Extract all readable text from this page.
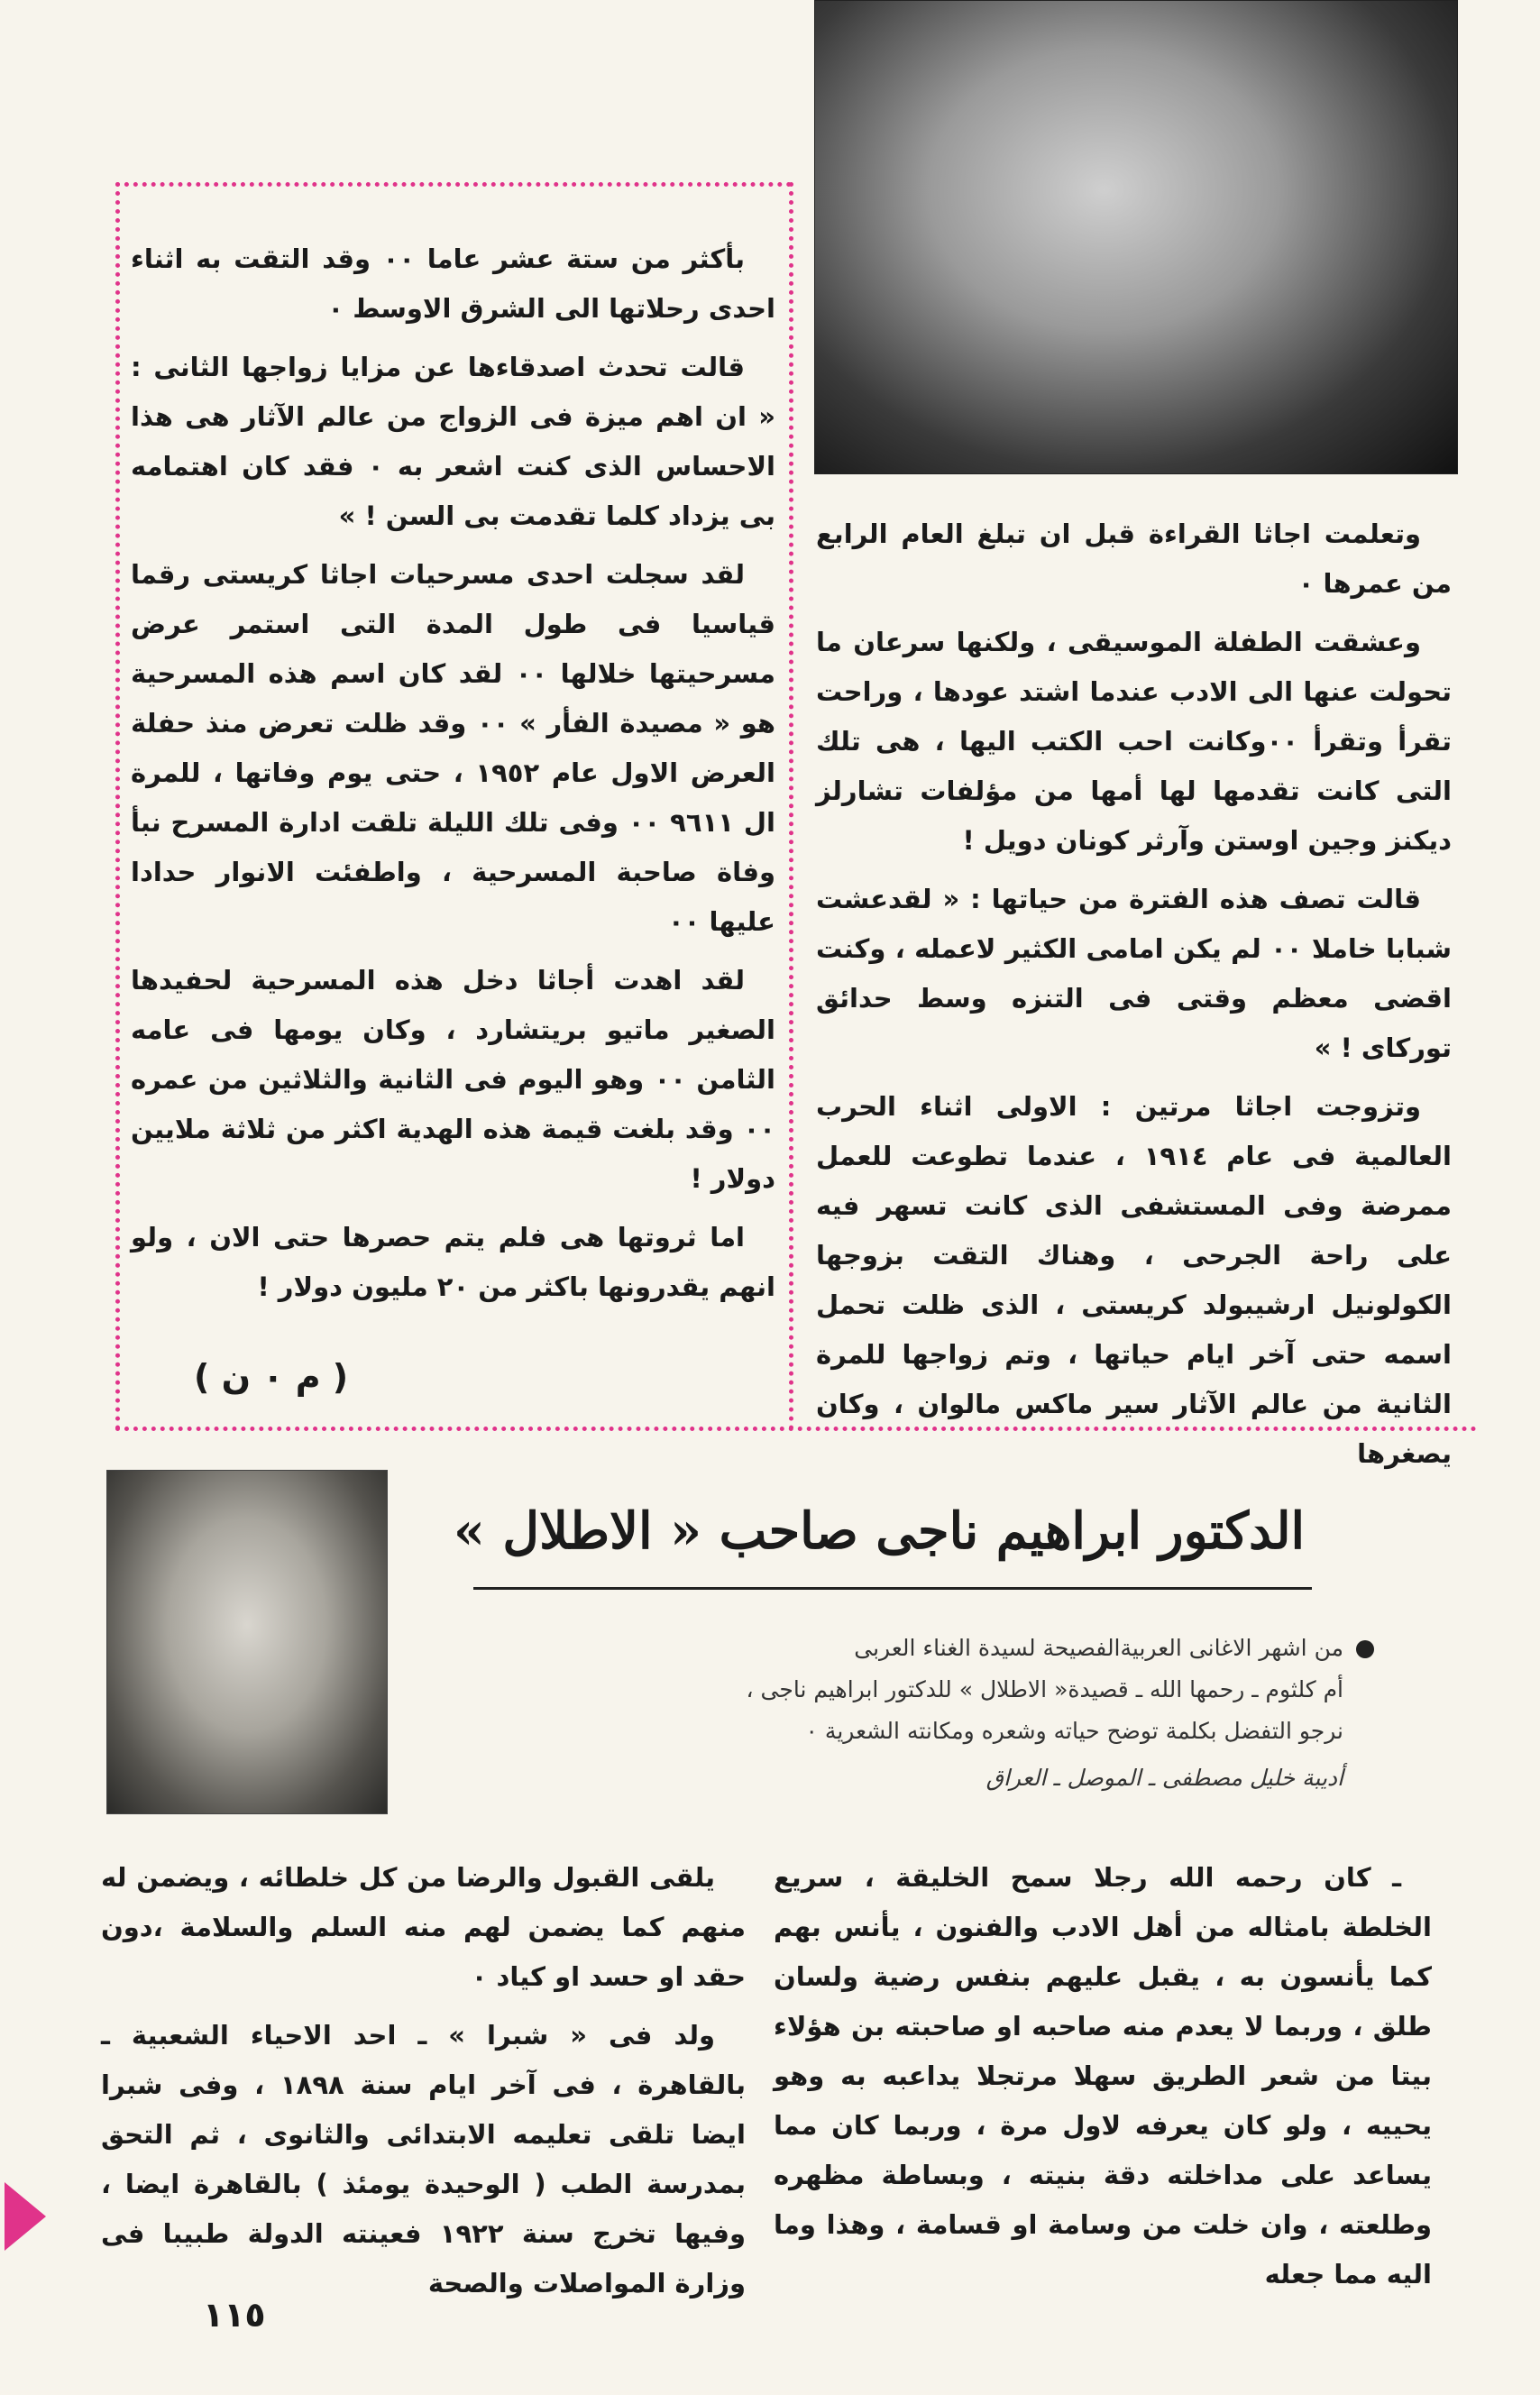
وتعلمت اجاثا القراءة قبل ان تبلغ العام الرابع من عمرها ٠

وعشقت الطفلة الموسيقى ، ولكنها سرعان ما تحولت عنها الى الادب عندما اشتد عودها ، وراحت تقرأ وتقرأ ٠٠وكانت احب الكتب اليها ، هى تلك التى كانت تقدمها لها أمها من مؤلفات تشارلز ديكنز وجين اوستن وآرثر كونان دويل !

قالت تصف هذه الفترة من حياتها : « لقدعشت شبابا خاملا ٠٠ لم يكن امامى الكثير لاعمله ، وكنت اقضى معظم وقتى فى التنزه وسط حدائق توركاى ! »

وتزوجت اجاثا مرتين : الاولى اثناء الحرب العالمية فى عام ١٩١٤ ، عندما تطوعت للعمل ممرضة وفى المستشفى الذى كانت تسهر فيه على راحة الجرحى ، وهناك التقت بزوجها الكولونيل ارشيبولد كريستى ، الذى ظلت تحمل اسمه حتى آخر ايام حياتها ، وتم زواجها للمرة الثانية من عالم الآثار سير ماكس مالوان ، وكان يصغرها

بأكثر من ستة عشر عاما ٠٠ وقد التقت به اثناء احدى رحلاتها الى الشرق الاوسط ٠

قالت تحدث اصدقاءها عن مزايا زواجها الثانى : « ان اهم ميزة فى الزواج من عالم الآثار هى هذا الاحساس الذى كنت اشعر به ٠ فقد كان اهتمامه بى يزداد كلما تقدمت بى السن ! »

لقد سجلت احدى مسرحيات اجاثا كريستى رقما قياسيا فى طول المدة التى استمر عرض مسرحيتها خلالها ٠٠ لقد كان اسم هذه المسرحية هو « مصيدة الفأر » ٠٠ وقد ظلت تعرض منذ حفلة العرض الاول عام ١٩٥٢ ، حتى يوم وفاتها ، للمرة ال ٩٦١١ ٠٠ وفى تلك الليلة تلقت ادارة المسرح نبأ وفاة صاحبة المسرحية ، واطفئت الانوار حدادا عليها ٠٠

لقد اهدت أجاثا دخل هذه المسرحية لحفيدها الصغير ماتيو بريتشارد ، وكان يومها فى عامه الثامن ٠٠ وهو اليوم فى الثانية والثلاثين من عمره ٠٠ وقد بلغت قيمة هذه الهدية اكثر من ثلاثة ملايين دولار !

اما ثروتها هى فلم يتم حصرها حتى الان ، ولو انهم يقدرونها باكثر من ٢٠ مليون دولار !

( م ٠ ن )
الدكتور ابراهيم ناجى صاحب « الاطلال »
من اشهر الاغانى العربيةالفصيحة لسيدة الغناء العربى
أم كلثوم ـ رحمها الله ـ قصيدة« الاطلال » للدكتور ابراهيم ناجى ،
نرجو التفضل بكلمة توضح حياته وشعره ومكانته الشعرية ٠
أديبة خليل مصطفى ـ الموصل ـ العراق

ـ كان رحمه الله رجلا سمح الخليقة ، سريع الخلطة بامثاله من أهل الادب والفنون ، يأنس بهم كما يأنسون به ، يقبل عليهم بنفس رضية ولسان طلق ، وربما لا يعدم منه صاحبه او صاحبته بن هؤلاء بيتا من شعر الطريق سهلا مرتجلا يداعبه به وهو يحييه ، ولو كان يعرفه لاول مرة ، وربما كان مما يساعد على مداخلته دقة بنيته ، وبساطة مظهره وطلعته ، وان خلت من وسامة او قسامة ، وهذا وما اليه مما جعله

يلقى القبول والرضا من كل خلطائه ، ويضمن له منهم كما يضمن لهم منه السلم والسلامة ،دون حقد او حسد او كياد ٠

ولد فى « شبرا » ـ احد الاحياء الشعبية ـ بالقاهرة ، فى آخر ايام سنة ١٨٩٨ ، وفى شبرا ايضا تلقى تعليمه الابتدائى والثانوى ، ثم التحق بمدرسة الطب ( الوحيدة يومئذ ) بالقاهرة ايضا ، وفيها تخرج سنة ١٩٢٢ فعينته الدولة طبيبا فى وزارة المواصلات والصحة

١١٥
